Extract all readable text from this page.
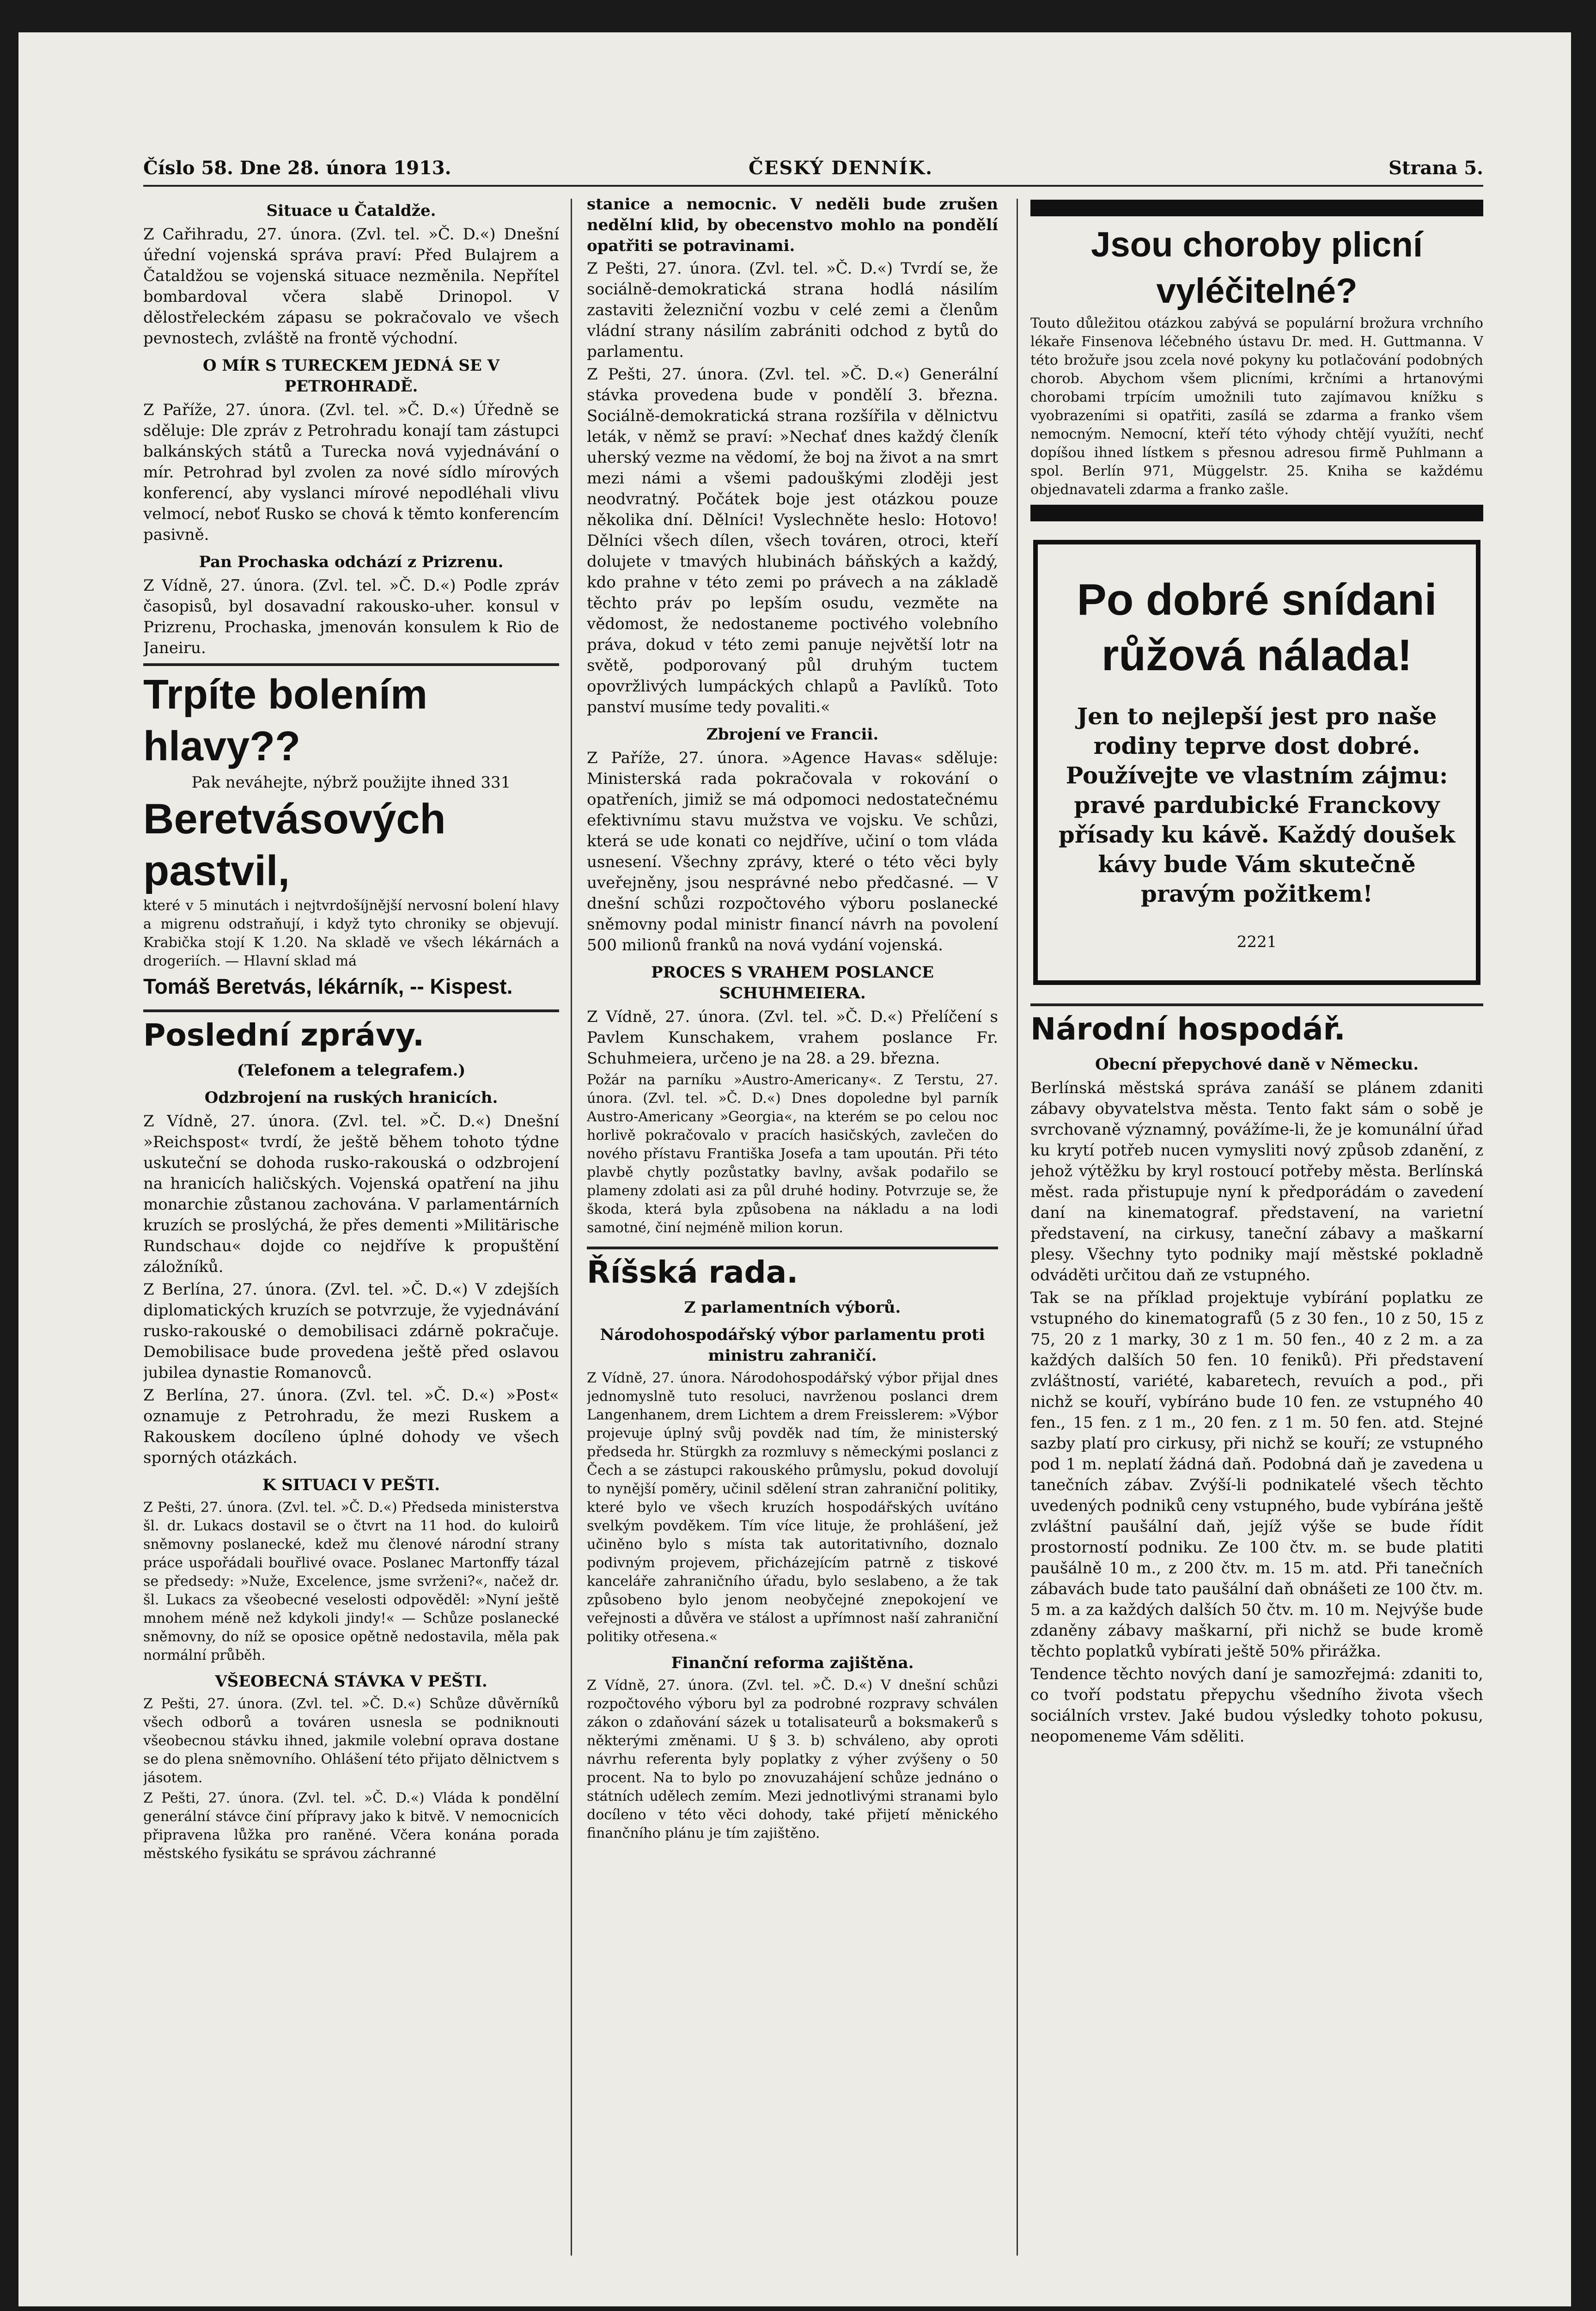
Číslo 58. Dne 28. února 1913.	ČESKÝ DENNÍK.	Strana 5.
Situace u Čataldže.

Z Cařihradu, 27. února. (Zvl. tel. »Č. D.«) Dnešní úřední vojenská správa praví: Před Bulajrem a Čataldžou se vojenská situace nezměnila. Nepřítel bombardoval včera slabě Drinopol. V dělostřeleckém zápasu se pokračovalo ve všech pevnostech, zvláště na frontě východní.

O MÍR S TURECKEM JEDNÁ SE V PETROHRADĚ.

Z Paříže, 27. února. (Zvl. tel. »Č. D.«) Úředně se sděluje: Dle zpráv z Petrohradu konají tam zástupci balkánských států a Turecka nová vyjednávání o mír. Petrohrad byl zvolen za nové sídlo mírových konferencí, aby vyslanci mírové nepodléhali vlivu velmocí, neboť Rusko se chová k těmto konferencím pasivně.

Pan Prochaska odchází z Prizrenu.

Z Vídně, 27. února. (Zvl. tel. »Č. D.«) Podle zpráv časopisů, byl dosavadní rakousko-uher. konsul v Prizrenu, Prochaska, jmenován konsulem k Rio de Janeiru.

Trpíte bolením hlavy??
Pak neváhejte, nýbrž použijte ihned 331
Beretvásových pastvil,

které v 5 minutách i nejtvrdošíjnější nervosní bolení hlavy a migrenu odstraňují, i když tyto chroniky se objevují. Krabička stojí K 1.20. Na skladě ve všech lékárnách a drogeriích. — Hlavní sklad má

Tomáš Beretvás, lékárník, -- Kispest.
Poslední zprávy.
(Telefonem a telegrafem.)
Odzbrojení na ruských hranicích.

Z Vídně, 27. února. (Zvl. tel. »Č. D.«) Dnešní »Reichspost« tvrdí, že ještě během tohoto týdne uskuteční se dohoda rusko-rakouská o odzbrojení na hranicích haličských. Vojenská opatření na jihu monarchie zůstanou zachována. V parlamentárních kruzích se proslýchá, že přes dementi »Militärische Rundschau« dojde co nejdříve k propuštění záložníků.

Z Berlína, 27. února. (Zvl. tel. »Č. D.«) V zdejších diplomatických kruzích se potvrzuje, že vyjednávání rusko-rakouské o demobilisaci zdárně pokračuje. Demobilisace bude provedena ještě před oslavou jubilea dynastie Romanovců.

Z Berlína, 27. února. (Zvl. tel. »Č. D.«) »Post« oznamuje z Petrohradu, že mezi Ruskem a Rakouskem docíleno úplné dohody ve všech sporných otázkách.

K SITUACI V PEŠTI.

Z Pešti, 27. února. (Zvl. tel. »Č. D.«) Předseda ministerstva šl. dr. Lukacs dostavil se o čtvrt na 11 hod. do kuloirů sněmovny poslanecké, kdež mu členové národní strany práce uspořádali bouřlivé ovace. Poslanec Martonffy tázal se předsedy: »Nuže, Excelence, jsme svrženi?«, načež dr. šl. Lukacs za všeobecné veselosti odpověděl: »Nyní ještě mnohem méně než kdykoli jindy!« — Schůze poslanecké sněmovny, do níž se oposice opětně nedostavila, měla pak normální průběh.

VŠEOBECNÁ STÁVKA V PEŠTI.

Z Pešti, 27. února. (Zvl. tel. »Č. D.«) Schůze důvěrníků všech odborů a továren usnesla se podniknouti všeobecnou stávku ihned, jakmile volební oprava dostane se do plena sněmovního. Ohlášení této přijato dělnictvem s jásotem.

Z Pešti, 27. února. (Zvl. tel. »Č. D.«) Vláda k pondělní generální stávce činí přípravy jako k bitvě. V nemocnicích připravena lůžka pro raněné. Včera konána porada městského fysikátu se správou záchranné

stanice a nemocnic. V neděli bude zrušen nedělní klid, by obecenstvo mohlo na pondělí opatřiti se potravinami.

Z Pešti, 27. února. (Zvl. tel. »Č. D.«) Tvrdí se, že sociálně-demokratická strana hodlá násilím zastaviti železniční vozbu v celé zemi a členům vládní strany násilím zabrániti odchod z bytů do parlamentu.

Z Pešti, 27. února. (Zvl. tel. »Č. D.«) Generální stávka provedena bude v pondělí 3. března. Sociálně-demokratická strana rozšířila v dělnictvu leták, v němž se praví: »Nechať dnes každý členík uherský vezme na vědomí, že boj na život a na smrt mezi námi a všemi padouškými zloději jest neodvratný. Počátek boje jest otázkou pouze několika dní. Dělníci! Vyslechněte heslo: Hotovo! Dělníci všech dílen, všech továren, otroci, kteří dolujete v tmavých hlubinách báňských a každý, kdo prahne v této zemi po právech a na základě těchto práv po lepším osudu, vezměte na vědomost, že nedostaneme poctivého volebního práva, dokud v této zemi panuje největší lotr na světě, podporovaný půl druhým tuctem opovržlivých lumpáckých chlapů a Pavlíků. Toto panství musíme tedy povaliti.«

Zbrojení ve Francii.

Z Paříže, 27. února. »Agence Havas« sděluje: Ministerská rada pokračovala v rokování o opatřeních, jimiž se má odpomoci nedostatečnému efektivnímu stavu mužstva ve vojsku. Ve schůzi, která se ude konati co nejdříve, učiní o tom vláda usnesení. Všechny zprávy, které o této věci byly uveřejněny, jsou nesprávné nebo předčasné. — V dnešní schůzi rozpočtového výboru poslanecké sněmovny podal ministr financí návrh na povolení 500 milionů franků na nová vydání vojenská.

PROCES S VRAHEM POSLANCE SCHUHMEIERA.

Z Vídně, 27. února. (Zvl. tel. »Č. D.«) Přelíčení s Pavlem Kunschakem, vrahem poslance Fr. Schuhmeiera, určeno je na 28. a 29. března.

Požár na parníku »Austro-Americany«. Z Terstu, 27. února. (Zvl. tel. »Č. D.«) Dnes dopoledne byl parník Austro-Americany »Georgia«, na kterém se po celou noc horlivě pokračovalo v pracích hasičských, zavlečen do nového přístavu Františka Josefa a tam upoután. Při této plavbě chytly pozůstatky bavlny, avšak podařilo se plameny zdolati asi za půl druhé hodiny. Potvrzuje se, že škoda, která byla způsobena na nákladu a na lodi samotné, činí nejméně milion korun.

Říšská rada.
Z parlamentních výborů.
Národohospodářský výbor parlamentu proti ministru zahraničí.

Z Vídně, 27. února. Národohospodářský výbor přijal dnes jednomyslně tuto resoluci, navrženou poslanci drem Langenhanem, drem Lichtem a drem Freisslerem: »Výbor projevuje úplný svůj povděk nad tím, že ministerský předseda hr. Stürgkh za rozmluvy s německými poslanci z Čech a se zástupci rakouského průmyslu, pokud dovolují to nynější poměry, učinil sdělení stran zahraniční politiky, které bylo ve všech kruzích hospodářských uvítáno svelkým povděkem. Tím více lituje, že prohlášení, jež učiněno bylo s místa tak autoritativního, doznalo podivným projevem, přicházejícím patrně z tiskové kanceláře zahraničního úřadu, bylo seslabeno, a že tak způsobeno bylo jenom neobyčejné znepokojení ve veřejnosti a důvěra ve stálost a upřímnost naší zahraniční politiky otřesena.«

Finanční reforma zajištěna.

Z Vídně, 27. února. (Zvl. tel. »Č. D.«) V dnešní schůzi rozpočtového výboru byl za podrobné rozpravy schválen zákon o zdaňování sázek u totalisateurů a boksmakerů s některými změnami. U § 3. b) schváleno, aby oproti návrhu referenta byly poplatky z výher zvýšeny o 50 procent. Na to bylo po znovuzahájení schůze jednáno o státních udělech zemím. Mezi jednotlivými stranami bylo docíleno v této věci dohody, také přijetí měnického finančního plánu je tím zajištěno.

Jsou choroby plicní vyléčitelné?

Touto důležitou otázkou zabývá se populární brožura vrchního lékaře Finsenova léčebného ústavu Dr. med. H. Guttmanna. V této brožuře jsou zcela nové pokyny ku potlačování podobných chorob. Abychom všem plicními, krčními a hrtanovými chorobami trpícím umožnili tuto zajímavou knížku s vyobrazeními si opatřiti, zasílá se zdarma a franko všem nemocným. Nemocní, kteří této výhody chtějí využíti, nechť dopíšou ihned lístkem s přesnou adresou firmě Puhlmann a spol. Berlín 971, Müggelstr. 25. Kniha se každému objednavateli zdarma a franko zašle.

Po dobré snídani růžová nálada!
Jen to nejlepší jest pro naše rodiny teprve dost dobré. Používejte ve vlastním zájmu: pravé pardubické Franckovy přísady ku kávě. Každý doušek kávy bude Vám skutečně pravým požitkem!
2221
Národní hospodář.
Obecní přepychové daně v Německu.

Berlínská městská správa zanáší se plánem zdaniti zábavy obyvatelstva města. Tento fakt sám o sobě je svrchovaně významný, povážíme-li, že je komunální úřad ku krytí potřeb nucen vymysliti nový způsob zdanění, z jehož výtěžku by kryl rostoucí potřeby města. Berlínská měst. rada přistupuje nyní k předporádám o zavedení daní na kinematograf. představení, na varietní představení, na cirkusy, taneční zábavy a maškarní plesy. Všechny tyto podniky mají městské pokladně odváděti určitou daň ze vstupného.

Tak se na příklad projektuje vybírání poplatku ze vstupného do kinematografů (5 z 30 fen., 10 z 50, 15 z 75, 20 z 1 marky, 30 z 1 m. 50 fen., 40 z 2 m. a za každých dalších 50 fen. 10 feniků). Při představení zvláštností, variété, kabaretech, revuích a pod., při nichž se kouří, vybíráno bude 10 fen. ze vstupného 40 fen., 15 fen. z 1 m., 20 fen. z 1 m. 50 fen. atd. Stejné sazby platí pro cirkusy, při nichž se kouří; ze vstupného pod 1 m. neplatí žádná daň. Podobná daň je zavedena u tanečních zábav. Zvýší-li podnikatelé všech těchto uvedených podniků ceny vstupného, bude vybírána ještě zvláštní paušální daň, jejíž výše se bude řídit prostorností podniku. Ze 100 čtv. m. se bude platiti paušálně 10 m., z 200 čtv. m. 15 m. atd. Při tanečních zábavách bude tato paušální daň obnášeti ze 100 čtv. m. 5 m. a za každých dalších 50 čtv. m. 10 m. Nejvýše bude zdaněny zábavy maškarní, při nichž se bude kromě těchto poplatků vybírati ještě 50% přirážka.

Tendence těchto nových daní je samozřejmá: zdaniti to, co tvoří podstatu přepychu všedního života všech sociálních vrstev. Jaké budou výsledky tohoto pokusu, neopomeneme Vám sděliti.
